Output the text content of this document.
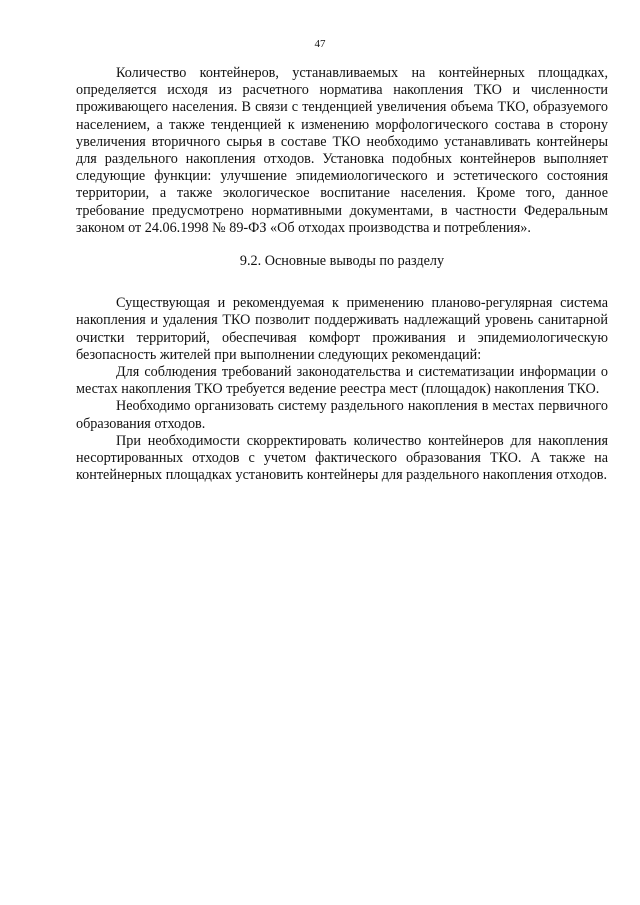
47

Количество контейнеров, устанавливаемых на контейнерных площадках, определяется исходя из расчетного норматива накопления ТКО и численности проживающего населения. В связи с тенденцией увеличения объема ТКО, образуемого населением, а также тенденцией к изменению морфологического состава в сторону увеличения вторичного сырья в составе ТКО необходимо устанавливать контейнеры для раздельного накопления отходов. Установка подобных контейнеров выполняет следующие функции: улучшение эпидемиологического и эстетического состояния территории, а также экологическое воспитание населения. Кроме того, данное требование предусмотрено нормативными документами, в частности Федеральным законом от 24.06.1998 № 89-ФЗ «Об отходах производства и потребления».

9.2. Основные выводы по разделу

Существующая и рекомендуемая к применению планово-регулярная система накопления и удаления ТКО позволит поддерживать надлежащий уровень санитарной очистки территорий, обеспечивая комфорт проживания и эпидемиологическую безопасность жителей при выполнении следующих рекомендаций:

Для соблюдения требований законодательства и систематизации информации о местах накопления ТКО требуется ведение реестра мест (площадок) накопления ТКО.

Необходимо организовать систему раздельного накопления в местах первичного образования отходов.

При необходимости скорректировать количество контейнеров для накопления несортированных отходов с учетом фактического образования ТКО. А также на контейнерных площадках установить контейнеры для раздельного накопления отходов.
